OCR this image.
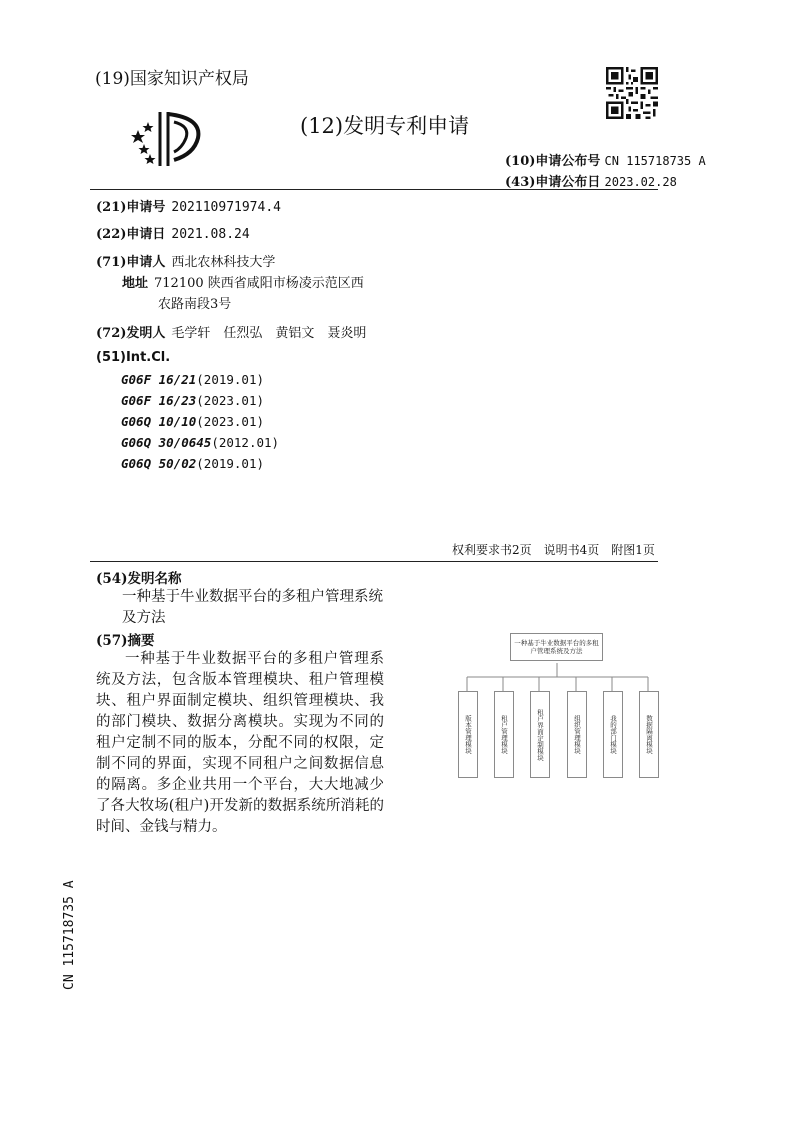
(19)国家知识产权局
(12)发明专利申请
(10)申请公布号 CN 115718735 A
(43)申请公布日 2023.02.28
(21)申请号 202110971974.4
(22)申请日 2021.08.24
(71)申请人 西北农林科技大学
地址 712100 陕西省咸阳市杨凌示范区西
农路南段3号
(72)发明人 毛学轩　任烈弘　黄铝文　聂炎明
(51)Int.Cl.
G06F 16/21(2019.01)
G06F 16/23(2023.01)
G06Q 10/10(2023.01)
G06Q 30/0645(2012.01)
G06Q 50/02(2019.01)
权利要求书2页　说明书4页　附图1页
(54)发明名称
一种基于牛业数据平台的多租户管理系统及方法
(57)摘要
一种基于牛业数据平台的多租户管理系统及方法，包含版本管理模块、租户管理模块、租户界面制定模块、组织管理模块、我的部门模块、数据分离模块。实现为不同的租户定制不同的版本，分配不同的权限，定制不同的界面，实现不同租户之间数据信息的隔离。多企业共用一个平台，大大地减少了各大牧场(租户)开发新的数据系统所消耗的时间、金钱与精力。
一种基于牛业数据平台的多租户管理系统及方法
版本管理模块	租户管理模块	租户界面定制模块	组织管理模块	我的部门模块	数据隔离模块
CN 115718735 A
